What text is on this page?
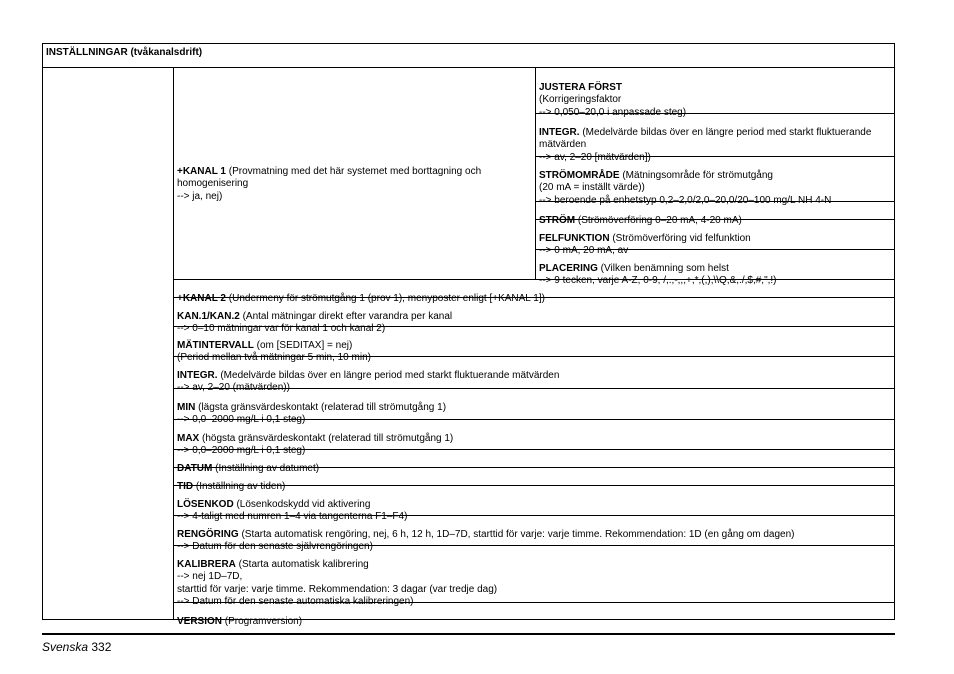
INSTÄLLNINGAR (tvåkanalsdrift)

+KANAL 1 (Provmatning med det här systemet med borttagning och homogenisering
--> ja, nej)

JUSTERA FÖRST
(Korrigeringsfaktor
--> 0,050–20,0 i anpassade steg)

INTEGR. (Medelvärde bildas över en längre period med starkt fluktuerande mätvärden
--> av, 2–20 [mätvärden])

STRÖMOMRÅDE (Mätningsområde för strömutgång
(20 mA = inställt värde))
--> beroende på enhetstyp 0,2–2,0/2,0–20,0/20–100 mg/L NH 4-N

STRÖM (Strömöverföring 0–20 mA, 4-20 mA)

FELFUNKTION (Strömöverföring vid felfunktion
--> 0 mA, 20 mA, av

PLACERING (Vilken benämning som helst
--> 9 tecken, varje A-Z, 0-9, /,.,-,,,+,*,(,),\\Q,&,./,$,#,",!)

+KANAL 2 (Undermeny för strömutgång 1 (prov 1), menyposter enligt [+KANAL 1])

KAN.1/KAN.2 (Antal mätningar direkt efter varandra per kanal
--> 0–10 mätningar var för kanal 1 och kanal 2)

MÄTINTERVALL (om [SEDITAX] = nej)
(Period mellan två mätningar 5 min, 10 min)

INTEGR. (Medelvärde bildas över en längre period med starkt fluktuerande mätvärden
--> av, 2–20 (mätvärden))

MIN (lägsta gränsvärdeskontakt (relaterad till strömutgång 1)
--> 0,0–2000 mg/L i 0,1 steg)

MAX (högsta gränsvärdeskontakt (relaterad till strömutgång 1)
--> 0,0–2000 mg/L i 0,1 steg)

DATUM (Inställning av datumet)

TID (Inställning av tiden)

LÖSENKOD (Lösenkodskydd vid aktivering
--> 4-taligt med numren 1–4 via tangenterna F1–F4)

RENGÖRING (Starta automatisk rengöring, nej, 6 h, 12 h, 1D–7D, starttid för varje: varje timme. Rekommendation: 1D (en gång om dagen)
--> Datum för den senaste självrengöringen)

KALIBRERA (Starta automatisk kalibrering
--> nej 1D–7D,
starttid för varje: varje timme. Rekommendation: 3 dagar (var tredje dag)
--> Datum för den senaste automatiska kalibreringen)

VERSION (Programversion)

Svenska 332
